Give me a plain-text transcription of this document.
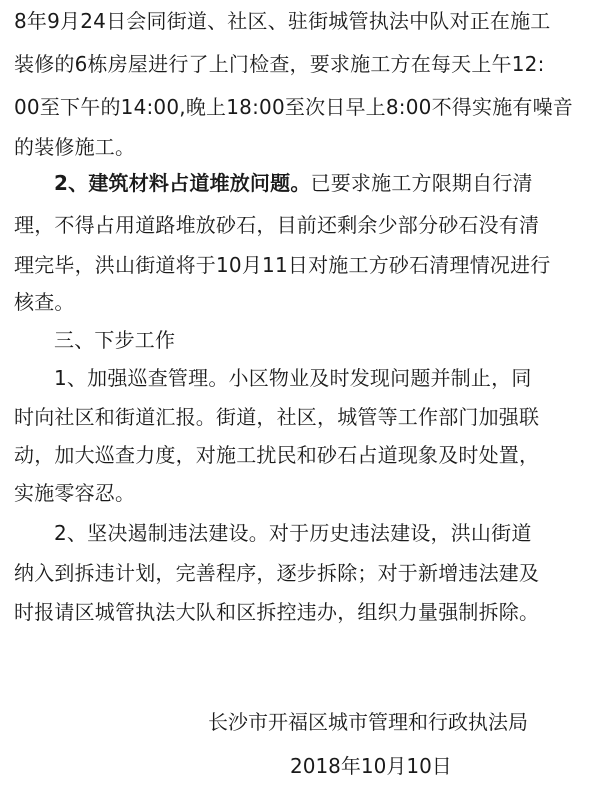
8年9月24日会同街道、社区、驻街城管执法中队对正在施工
装修的6栋房屋进行了上门检查，要求施工方在每天上午12:
00至下午的14:00,晚上18:00至次日早上8:00不得实施有噪音
的装修施工。
2、建筑材料占道堆放问题。已要求施工方限期自行清
理，不得占用道路堆放砂石，目前还剩余少部分砂石没有清
理完毕，洪山街道将于10月11日对施工方砂石清理情况进行
核查。
三、下步工作
1、加强巡查管理。小区物业及时发现问题并制止，同
时向社区和街道汇报。街道，社区，城管等工作部门加强联
动，加大巡查力度，对施工扰民和砂石占道现象及时处置，
实施零容忍。
2、坚决遏制违法建设。对于历史违法建设，洪山街道
纳入到拆违计划，完善程序，逐步拆除；对于新增违法建及
时报请区城管执法大队和区拆控违办，组织力量强制拆除。
长沙市开福区城市管理和行政执法局
2018年10月10日
